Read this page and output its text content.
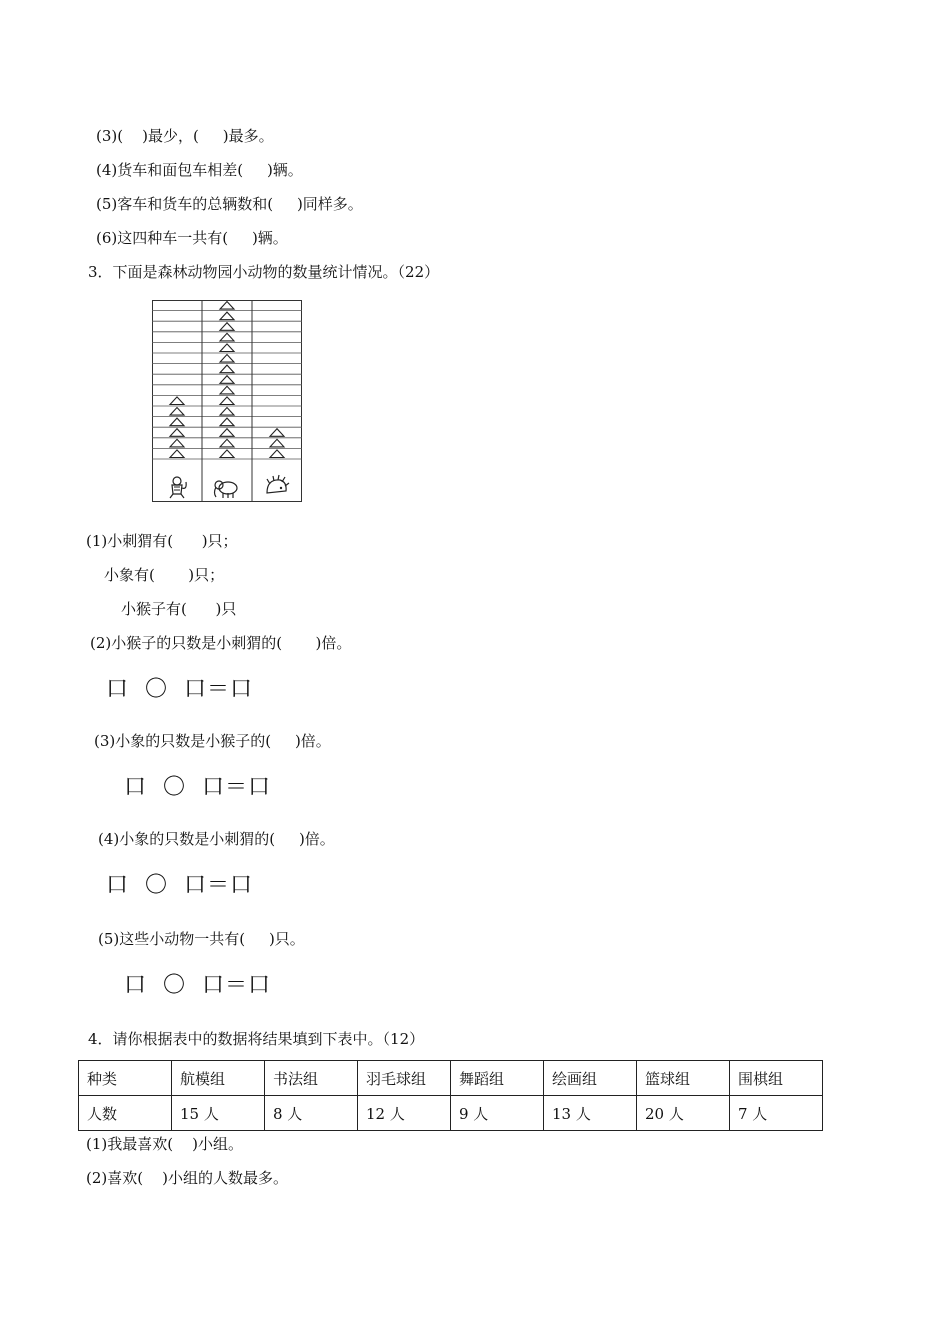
(3)(    )最少，(     )最多。
(4)货车和面包车相差(     )辆。
(5)客车和货车的总辆数和(     )同样多。
(6)这四种车一共有(     )辆。
3．下面是森林动物园小动物的数量统计情况。（22）
(1)小刺猬有(      )只；
小象有(       )只；
小猴子有(      )只
(2)小猴子的只数是小刺猬的(       )倍。
口  〇  口＝口
(3)小象的只数是小猴子的(     )倍。
口  〇  口＝口
(4)小象的只数是小刺猬的(     )倍。
口  〇  口＝口
(5)这些小动物一共有(     )只。
口  〇  口＝口
4．请你根据表中的数据将结果填到下表中。（12）
种类	航模组	书法组	羽毛球组	舞蹈组	绘画组	篮球组	围棋组
人数	15 人	8 人	12 人	9 人	13 人	20 人	7 人
(1)我最喜欢(    )小组。
(2)喜欢(    )小组的人数最多。
